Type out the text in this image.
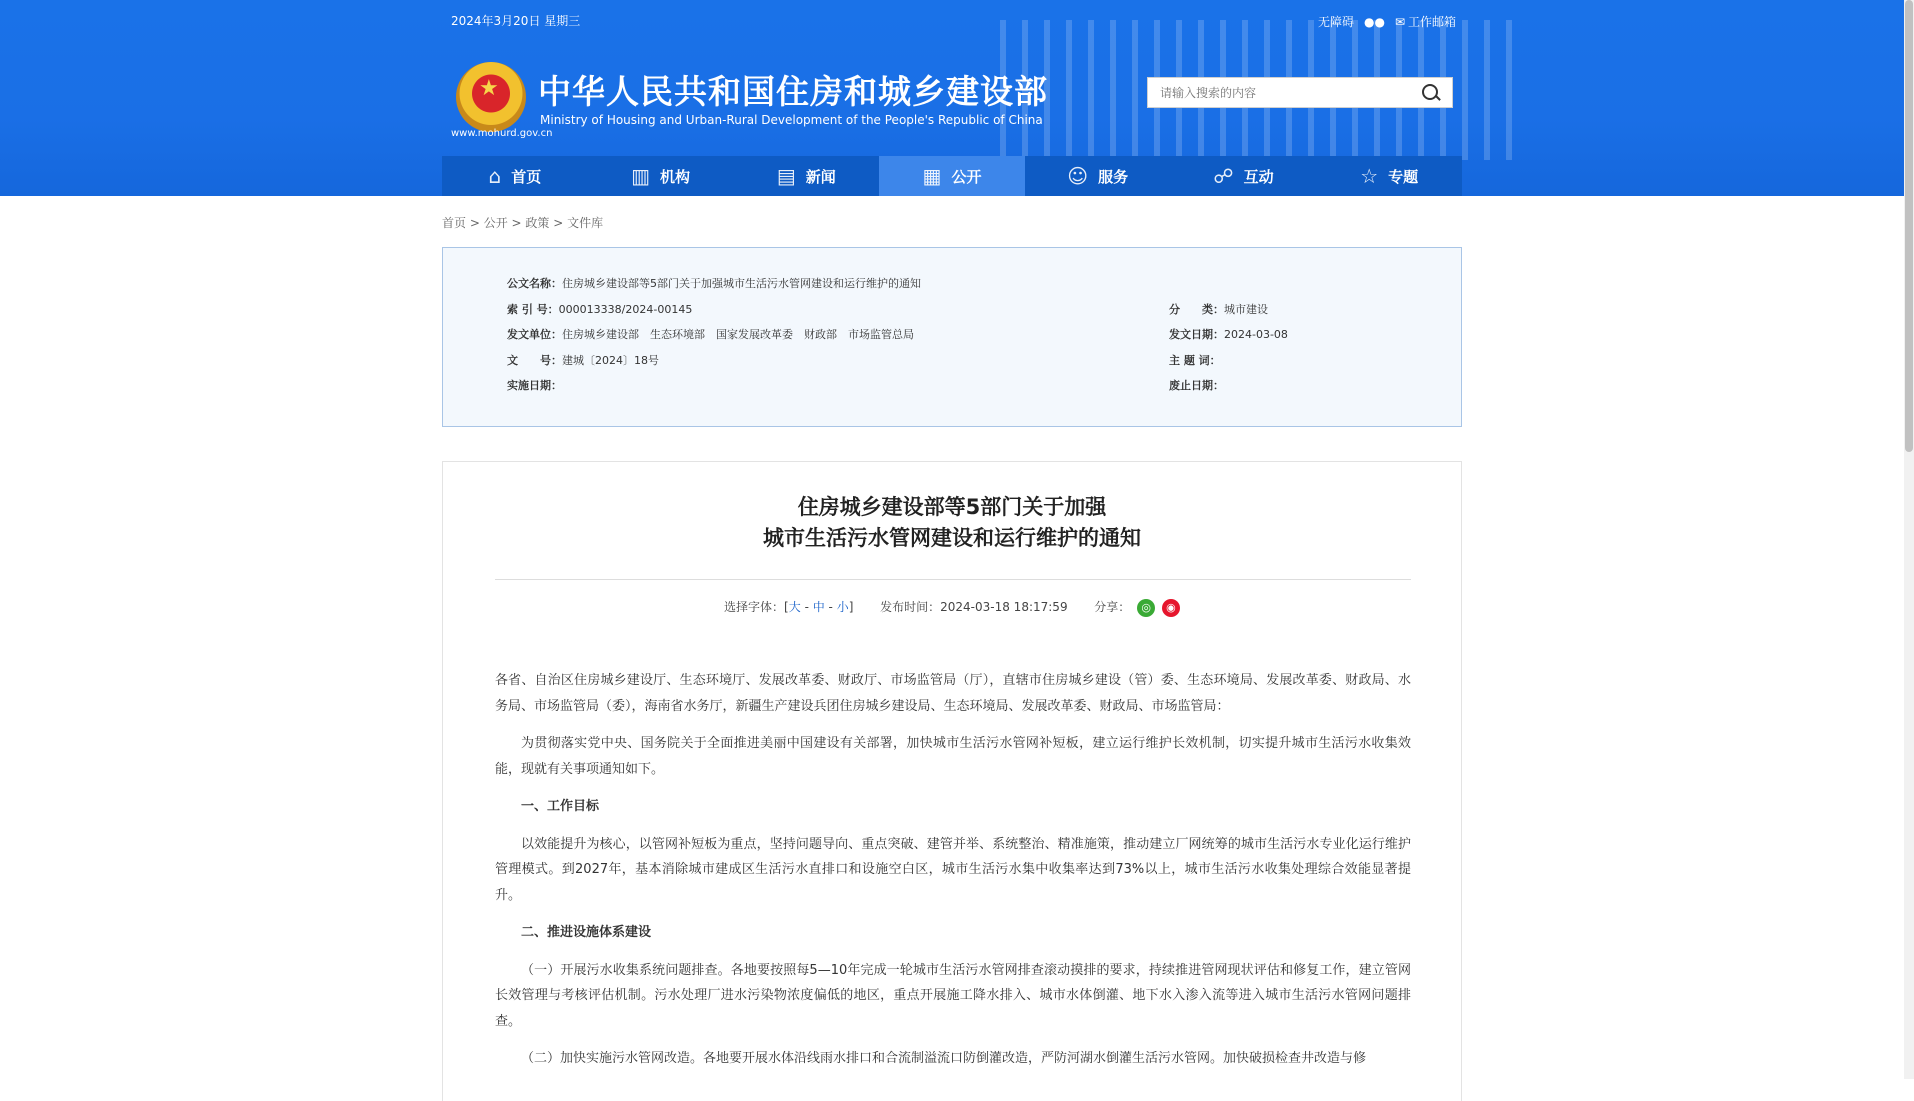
2024年3月20日 星期三	无障碍 ●● ✉ 工作邮箱
★
www.mohurd.gov.cn
中华人民共和国住房和城乡建设部
Ministry of Housing and Urban-Rural Development of the People's Republic of China
请输入搜索的内容
⌂ 首页	▥ 机构	▤ 新闻	▦ 公开	☺ 服务	☍ 互动	☆ 专题
首页 > 公开 > 政策 > 文件库
公文名称：住房城乡建设部等5部门关于加强城市生活污水管网建设和运行维护的通知
索 引 号：000013338/2024-00145	分　　类：城市建设
发文单位：住房城乡建设部　生态环境部　国家发展改革委　财政部　市场监管总局	发文日期：2024-03-08
文　　号：建城〔2024〕18号	主 题 词：
实施日期：	废止日期：
住房城乡建设部等5部门关于加强
城市生活污水管网建设和运行维护的通知
选择字体：[大 - 中 - 小] 发布时间：2024-03-18 18:17:59 分享： ◎ ◉

各省、自治区住房城乡建设厅、生态环境厅、发展改革委、财政厅、市场监管局（厅），直辖市住房城乡建设（管）委、生态环境局、发展改革委、财政局、水务局、市场监管局（委），海南省水务厅，新疆生产建设兵团住房城乡建设局、生态环境局、发展改革委、财政局、市场监管局：

为贯彻落实党中央、国务院关于全面推进美丽中国建设有关部署，加快城市生活污水管网补短板，建立运行维护长效机制，切实提升城市生活污水收集效能，现就有关事项通知如下。

一、工作目标

以效能提升为核心，以管网补短板为重点，坚持问题导向、重点突破、建管并举、系统整治、精准施策，推动建立厂网统筹的城市生活污水专业化运行维护管理模式。到2027年，基本消除城市建成区生活污水直排口和设施空白区，城市生活污水集中收集率达到73%以上，城市生活污水收集处理综合效能显著提升。

二、推进设施体系建设

（一）开展污水收集系统问题排查。各地要按照每5—10年完成一轮城市生活污水管网排查滚动摸排的要求，持续推进管网现状评估和修复工作，建立管网长效管理与考核评估机制。污水处理厂进水污染物浓度偏低的地区，重点开展施工降水排入、城市水体倒灌、地下水入渗入流等进入城市生活污水管网问题排查。

（二）加快实施污水管网改造。各地要开展水体沿线雨水排口和合流制溢流口防倒灌改造，严防河湖水倒灌生活污水管网。加快破损检查井改造与修
